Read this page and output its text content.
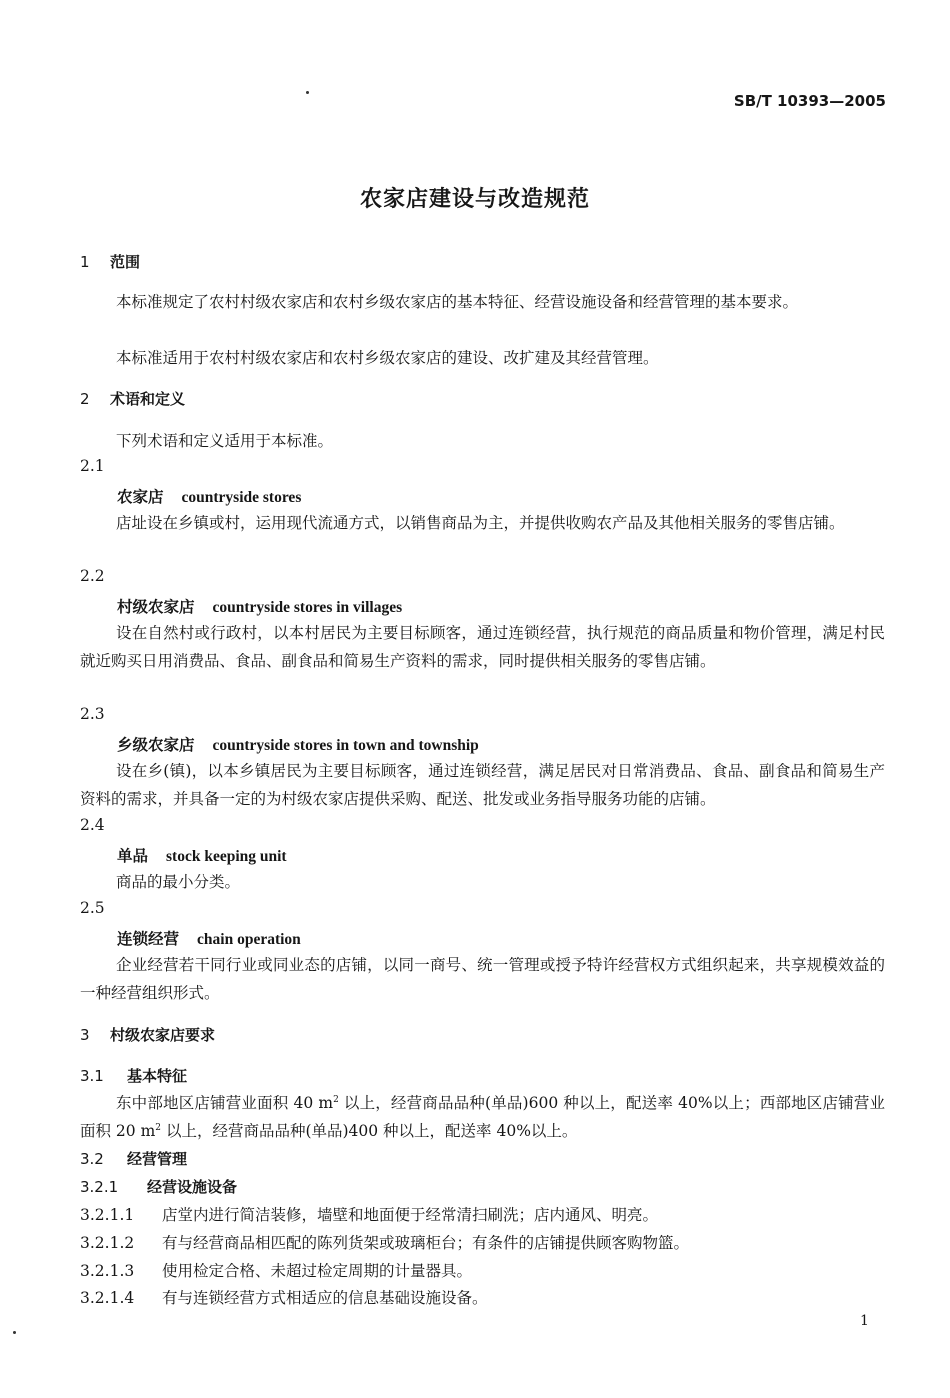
SB/T 10393—2005
农家店建设与改造规范
1 范围
本标准规定了农村村级农家店和农村乡级农家店的基本特征、经营设施设备和经营管理的基本要求。
本标准适用于农村村级农家店和农村乡级农家店的建设、改扩建及其经营管理。
2 术语和定义
下列术语和定义适用于本标准。
2.1
农家店 countryside stores
店址设在乡镇或村，运用现代流通方式，以销售商品为主，并提供收购农产品及其他相关服务的零售店铺。
2.2
村级农家店 countryside stores in villages
设在自然村或行政村，以本村居民为主要目标顾客，通过连锁经营，执行规范的商品质量和物价管理，满足村民就近购买日用消费品、食品、副食品和简易生产资料的需求，同时提供相关服务的零售店铺。
2.3
乡级农家店 countryside stores in town and township
设在乡(镇)，以本乡镇居民为主要目标顾客，通过连锁经营，满足居民对日常消费品、食品、副食品和简易生产资料的需求，并具备一定的为村级农家店提供采购、配送、批发或业务指导服务功能的店铺。
2.4
单品 stock keeping unit
商品的最小分类。
2.5
连锁经营 chain operation
企业经营若干同行业或同业态的店铺，以同一商号、统一管理或授予特许经营权方式组织起来，共享规模效益的一种经营组织形式。
3 村级农家店要求
3.1 基本特征
东中部地区店铺营业面积 40 $m^2$ 以上，经营商品品种(单品)600 种以上，配送率 40%以上；西部地区店铺营业面积 20 $m^2$ 以上，经营商品品种(单品)400 种以上，配送率 40%以上。
3.2 经营管理
3.2.1 经营设施设备
3.2.1.1 店堂内进行简洁装修，墙壁和地面便于经常清扫刷洗；店内通风、明亮。
3.2.1.2 有与经营商品相匹配的陈列货架或玻璃柜台；有条件的店铺提供顾客购物篮。
3.2.1.3 使用检定合格、未超过检定周期的计量器具。
3.2.1.4 有与连锁经营方式相适应的信息基础设施设备。
1
